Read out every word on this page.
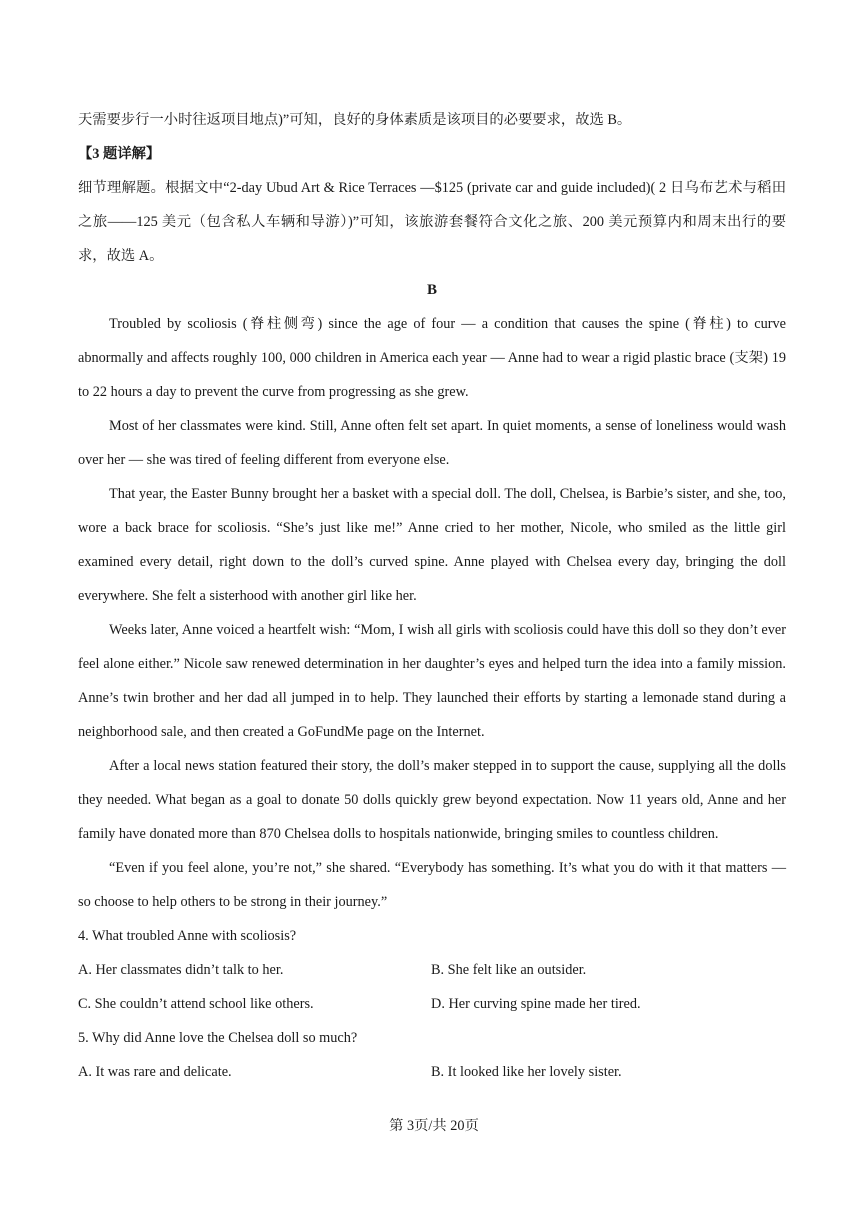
天需要步行一小时往返项目地点)”可知，良好的身体素质是该项目的必要要求，故选 B。

【3 题详解】

细节理解题。根据文中“2-day Ubud Art & Rice Terraces —$125 (private car and guide included)( 2 日乌布艺术与稻田之旅——125 美元（包含私人车辆和导游）)”可知，该旅游套餐符合文化之旅、200 美元预算内和周末出行的要求，故选 A。

B

Troubled by scoliosis (脊柱侧弯) since the age of four — a condition that causes the spine (脊柱) to curve abnormally and affects roughly 100, 000 children in America each year — Anne had to wear a rigid plastic brace (支架) 19 to 22 hours a day to prevent the curve from progressing as she grew.

Most of her classmates were kind. Still, Anne often felt set apart. In quiet moments, a sense of loneliness would wash over her — she was tired of feeling different from everyone else.

That year, the Easter Bunny brought her a basket with a special doll. The doll, Chelsea, is Barbie’s sister, and she, too, wore a back brace for scoliosis. “She’s just like me!” Anne cried to her mother, Nicole, who smiled as the little girl examined every detail, right down to the doll’s curved spine. Anne played with Chelsea every day, bringing the doll everywhere. She felt a sisterhood with another girl like her.

Weeks later, Anne voiced a heartfelt wish: “Mom, I wish all girls with scoliosis could have this doll so they don’t ever feel alone either.” Nicole saw renewed determination in her daughter’s eyes and helped turn the idea into a family mission. Anne’s twin brother and her dad all jumped in to help. They launched their efforts by starting a lemonade stand during a neighborhood sale, and then created a GoFundMe page on the Internet.

After a local news station featured their story, the doll’s maker stepped in to support the cause, supplying all the dolls they needed. What began as a goal to donate 50 dolls quickly grew beyond expectation. Now 11 years old, Anne and her family have donated more than 870 Chelsea dolls to hospitals nationwide, bringing smiles to countless children.

“Even if you feel alone, you’re not,” she shared. “Everybody has something. It’s what you do with it that matters — so choose to help others to be strong in their journey.”

4. What troubled Anne with scoliosis?

A. Her classmates didn’t talk to her.	B. She felt like an outsider.
C. She couldn’t attend school like others.	D. Her curving spine made her tired.

5. Why did Anne love the Chelsea doll so much?

A. It was rare and delicate.	B. It looked like her lovely sister.
第 3页/共 20页
